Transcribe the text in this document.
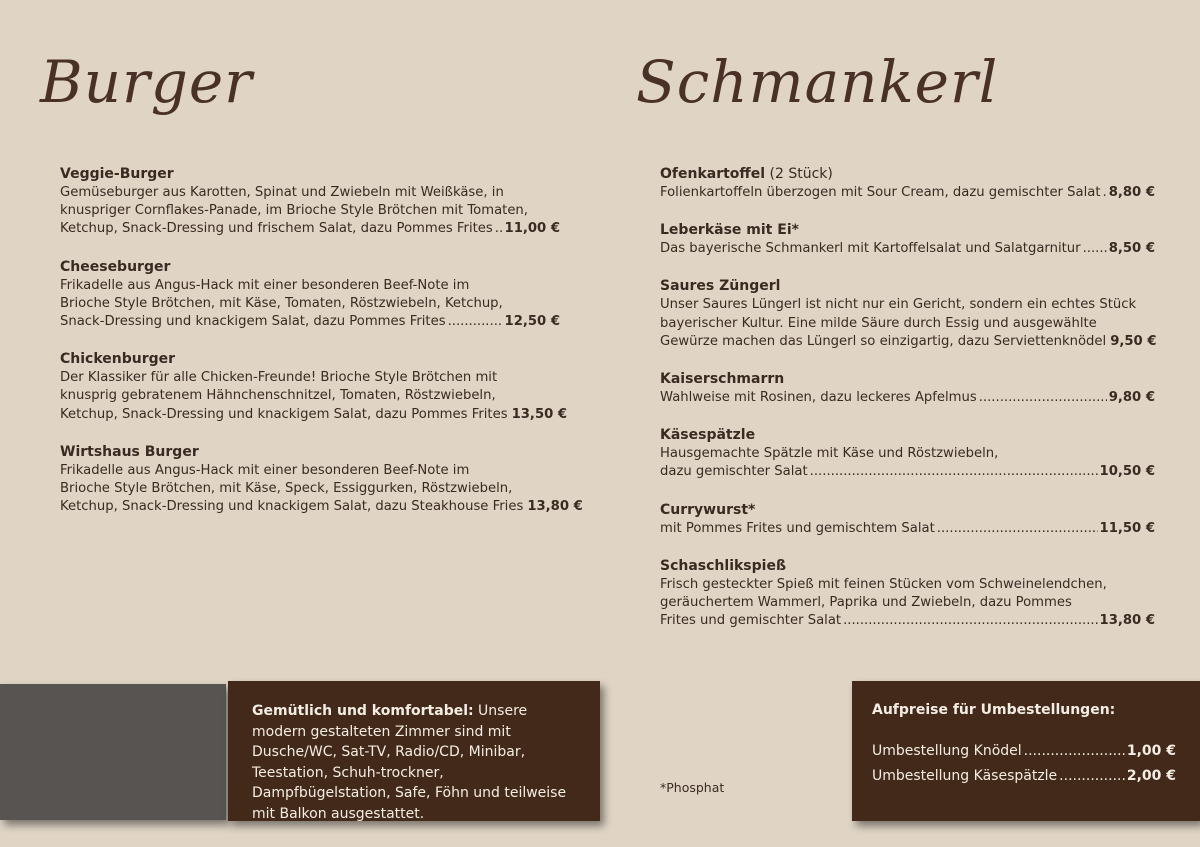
Burger	Schmankerl
Veggie-Burger
Gemüseburger aus Karotten, Spinat und Zwiebeln mit Weißkäse, in
knuspriger Cornflakes-Panade, im Brioche Style Brötchen mit Tomaten,
Ketchup, Snack-Dressing und frischem Salat, dazu Pommes Frites ..... 11,00 €
Cheeseburger
Frikadelle aus Angus-Hack mit einer besonderen Beef-Note im
Brioche Style Brötchen, mit Käse, Tomaten, Röstzwiebeln, Ketchup,
Snack-Dressing und knackigem Salat, dazu Pommes Frites .....	12,50 €
Chickenburger
Der Klassiker für alle Chicken-Freunde! Brioche Style Brötchen mit
knusprig gebratenem Hähnchenschnitzel, Tomaten, Röstzwiebeln,
Ketchup, Snack-Dressing und knackigem Salat, dazu Pommes Frites 13,50 €
Wirtshaus Burger
Frikadelle aus Angus-Hack mit einer besonderen Beef-Note im
Brioche Style Brötchen, mit Käse, Speck, Essiggurken, Röstzwiebeln,
Ketchup, Snack-Dressing und knackigem Salat, dazu Steakhouse Fries 13,80 €
Ofenkartoffel (2 Stück)
Folienkartoffeln überzogen mit Sour Cream, dazu gemischter Salat ..... 8,80 €
Leberkäse mit Ei*
Das bayerische Schmankerl mit Kartoffelsalat und Salatgarnitur ..... 8,50 €
Saures Züngerl
Unser Saures Lüngerl ist nicht nur ein Gericht, sondern ein echtes Stück
bayerischer Kultur. Eine milde Säure durch Essig und ausgewählte
Gewürze machen das Lüngerl so einzigartig, dazu Serviettenknödel 9,50 €
Kaiserschmarrn
Wahlweise mit Rosinen, dazu leckeres Apfelmus .....	9,80 €
Käsespätzle
Hausgemachte Spätzle mit Käse und Röstzwiebeln,
dazu gemischter Salat .....	10,50 €
Currywurst*
mit Pommes Frites und gemischtem Salat .....	11,50 €
Schaschlikspieß
Frisch gesteckter Spieß mit feinen Stücken vom Schweinelendchen,
geräuchertem Wammerl, Paprika und Zwiebeln, dazu Pommes
Frites und gemischter Salat .....	13,80 €
Gemütlich und komfortabel: Unsere modern gestalteten Zimmer sind mit Dusche/WC, Sat-TV, Radio/CD, Minibar, Teestation, Schuh-trockner, Dampfbügelstation, Safe, Föhn und teilweise mit Balkon ausgestattet.
Aufpreise für Umbestellungen:
Umbestellung Knödel .....	1,00 €
Umbestellung Käsespätzle .....	2,00 €
*Phosphat
